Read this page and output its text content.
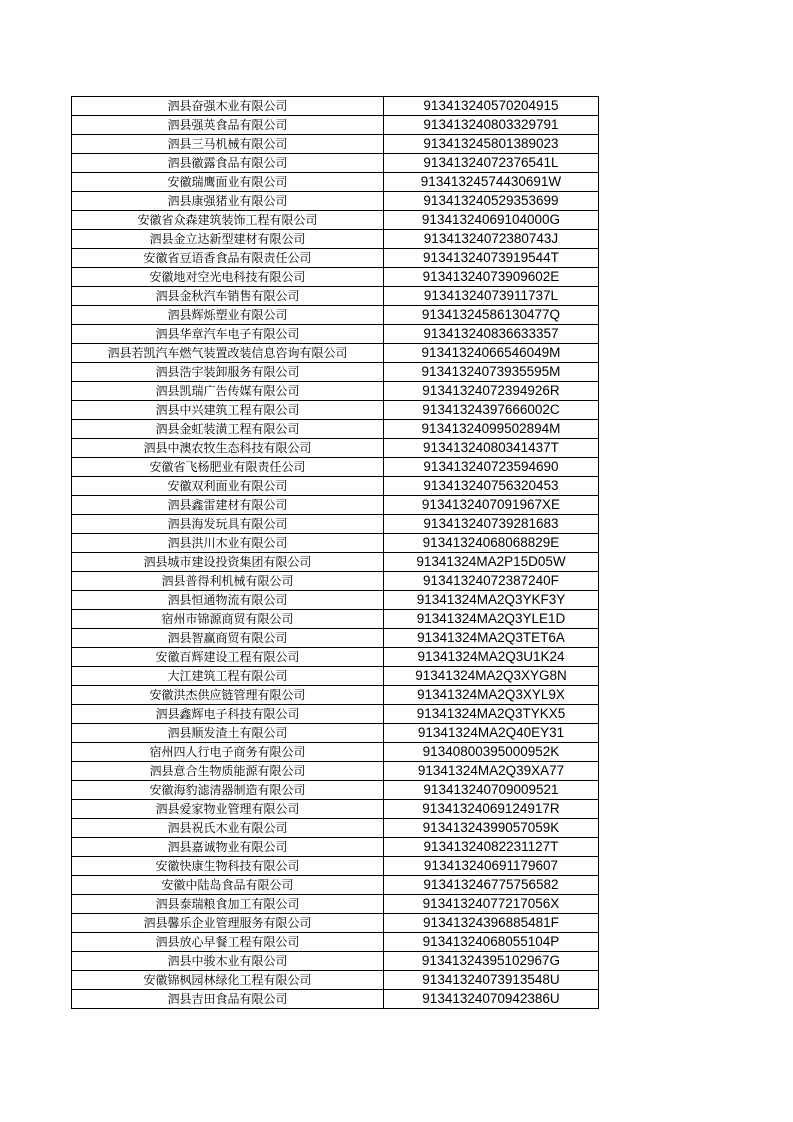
泗县奋强木业有限公司	913413240570204915
泗县强英食品有限公司	913413240803329791
泗县三马机械有限公司	913413245801389023
泗县徽露食品有限公司	91341324072376541L
安徽瑞鹰面业有限公司	91341324574430691W
泗县康强猪业有限公司	913413240529353699
安徽省众森建筑装饰工程有限公司	91341324069104000G
泗县金立达新型建材有限公司	91341324072380743J
安徽省豆语香食品有限责任公司	91341324073919544T
安徽地对空光电科技有限公司	91341324073909602E
泗县金秋汽车销售有限公司	91341324073911737L
泗县辉烁塑业有限公司	91341324586130477Q
泗县华章汽车电子有限公司	913413240836633357
泗县若凯汽车燃气装置改装信息咨询有限公司	91341324066546049M
泗县浩宇装卸服务有限公司	91341324073935595M
泗县凯瑞广告传媒有限公司	91341324072394926R
泗县中兴建筑工程有限公司	91341324397666002C
泗县金虹装潢工程有限公司	91341324099502894M
泗县中澳农牧生态科技有限公司	91341324080341437T
安徽省飞杨肥业有限责任公司	913413240723594690
安徽双利面业有限公司	913413240756320453
泗县鑫雷建材有限公司	9134132407091967XE
泗县海发玩具有限公司	913413240739281683
泗县洪川木业有限公司	91341324068068829E
泗县城市建设投资集团有限公司	91341324MA2P15D05W
泗县普得利机械有限公司	91341324072387240F
泗县恒通物流有限公司	91341324MA2Q3YKF3Y
宿州市锦源商贸有限公司	91341324MA2Q3YLE1D
泗县智赢商贸有限公司	91341324MA2Q3TET6A
安徽百辉建设工程有限公司	91341324MA2Q3U1K24
大江建筑工程有限公司	91341324MA2Q3XYG8N
安徽洪杰供应链管理有限公司	91341324MA2Q3XYL9X
泗县鑫辉电子科技有限公司	91341324MA2Q3TYKX5
泗县顺发渣土有限公司	91341324MA2Q40EY31
宿州四人行电子商务有限公司	91340800395000952K
泗县意合生物质能源有限公司	91341324MA2Q39XA77
安徽海豹滤清器制造有限公司	913413240709009521
泗县爱家物业管理有限公司	91341324069124917R
泗县祝氏木业有限公司	91341324399057059K
泗县嘉诚物业有限公司	91341324082231127T
安徽快康生物科技有限公司	913413240691179607
安徽中陆岛食品有限公司	913413246775756582
泗县泰瑞粮食加工有限公司	91341324077217056X
泗县馨乐企业管理服务有限公司	91341324396885481F
泗县放心早餐工程有限公司	91341324068055104P
泗县中骏木业有限公司	91341324395102967G
安徽锦枫园林绿化工程有限公司	91341324073913548U
泗县吉田食品有限公司	91341324070942386U
